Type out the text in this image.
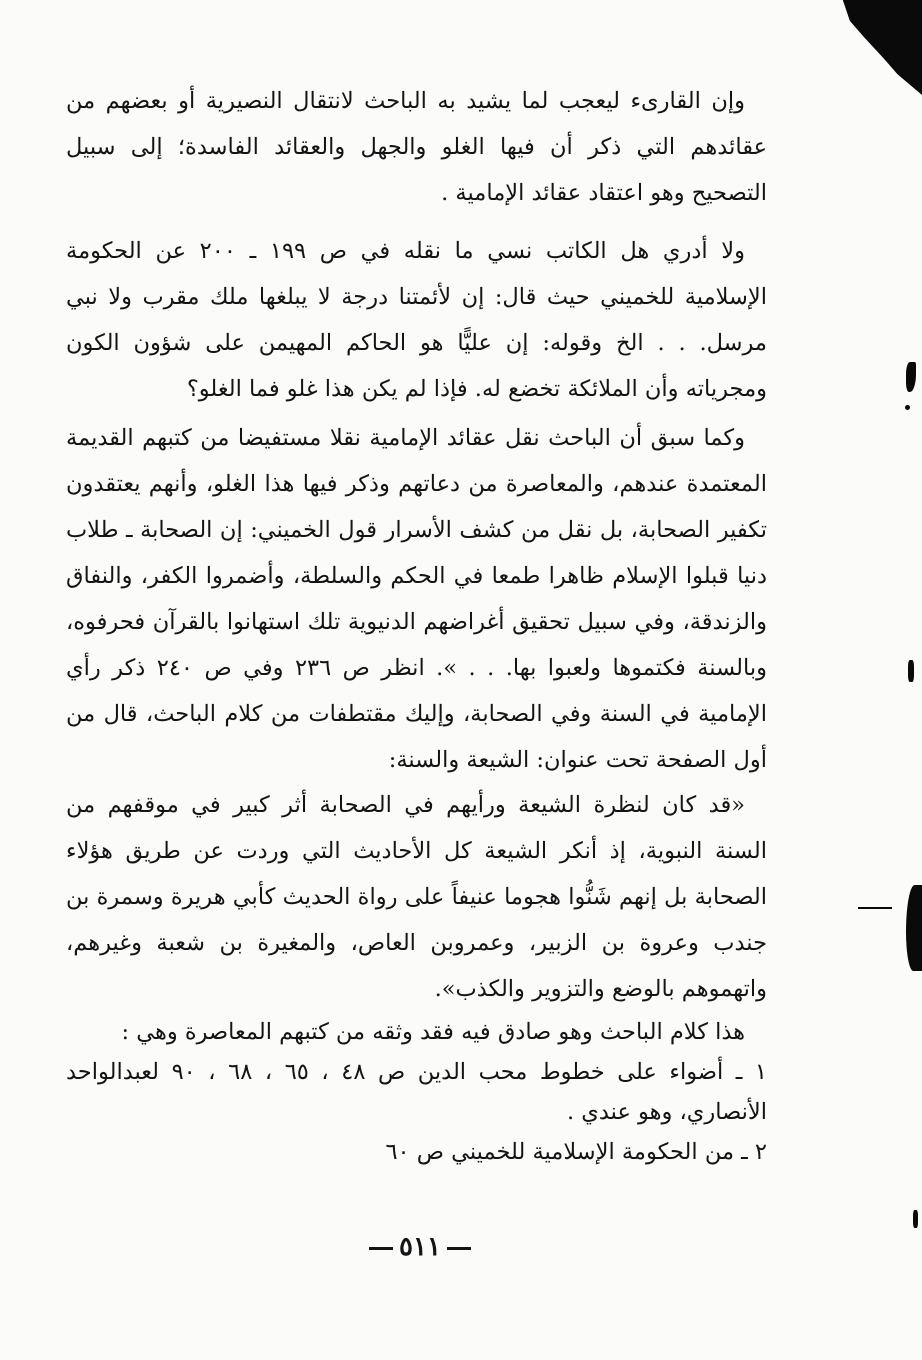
وإن القارىء ليعجب لما يشيد به الباحث لانتقال النصيرية أو بعضهم من عقائدهم التي ذكر أن فيها الغلو والجهل والعقائد الفاسدة؛ إلى سبيل التصحيح وهو اعتقاد عقائد الإمامية .

ولا أدري هل الكاتب نسي ما نقله في ص ١٩٩ ـ ٢٠٠ عن الحكومة الإسلامية للخميني حيث قال: إن لأئمتنا درجة لا يبلغها ملك مقرب ولا نبي مرسل. . . الخ وقوله: إن عليًّا هو الحاكم المهيمن على شؤون الكون ومجرياته وأن الملائكة تخضع له. فإذا لم يكن هذا غلو فما الغلو؟

وكما سبق أن الباحث نقل عقائد الإمامية نقلا مستفيضا من كتبهم القديمة المعتمدة عندهم، والمعاصرة من دعاتهم وذكر فيها هذا الغلو، وأنهم يعتقدون تكفير الصحابة، بل نقل من كشف الأسرار قول الخميني: إن الصحابة ـ طلاب دنيا قبلوا الإسلام ظاهرا طمعا في الحكم والسلطة، وأضمروا الكفر، والنفاق والزندقة، وفي سبيل تحقيق أغراضهم الدنيوية تلك استهانوا بالقرآن فحرفوه، وبالسنة فكتموها ولعبوا بها. . . ». انظر ص ٢٣٦ وفي ص ٢٤٠ ذكر رأي الإمامية في السنة وفي الصحابة، وإليك مقتطفات من كلام الباحث، قال من أول الصفحة تحت عنوان: الشيعة والسنة:

«قد كان لنظرة الشيعة ورأيهم في الصحابة أثر كبير في موقفهم من السنة النبوية، إذ أنكر الشيعة كل الأحاديث التي وردت عن طريق هؤلاء الصحابة بل إنهم شَنُّوا هجوما عنيفاً على رواة الحديث كأبي هريرة وسمرة بن جندب وعروة بن الزبير، وعمروبن العاص، والمغيرة بن شعبة وغيرهم، واتهموهم بالوضع والتزوير والكذب».

هذا كلام الباحث وهو صادق فيه فقد وثقه من كتبهم المعاصرة وهي :

١ ـ أضواء على خطوط محب الدين ص ٤٨ ، ٦٥ ، ٦٨ ، ٩٠ لعبدالواحد الأنصاري، وهو عندي .

٢ ـ من الحكومة الإسلامية للخميني ص ٦٠

٥١١
